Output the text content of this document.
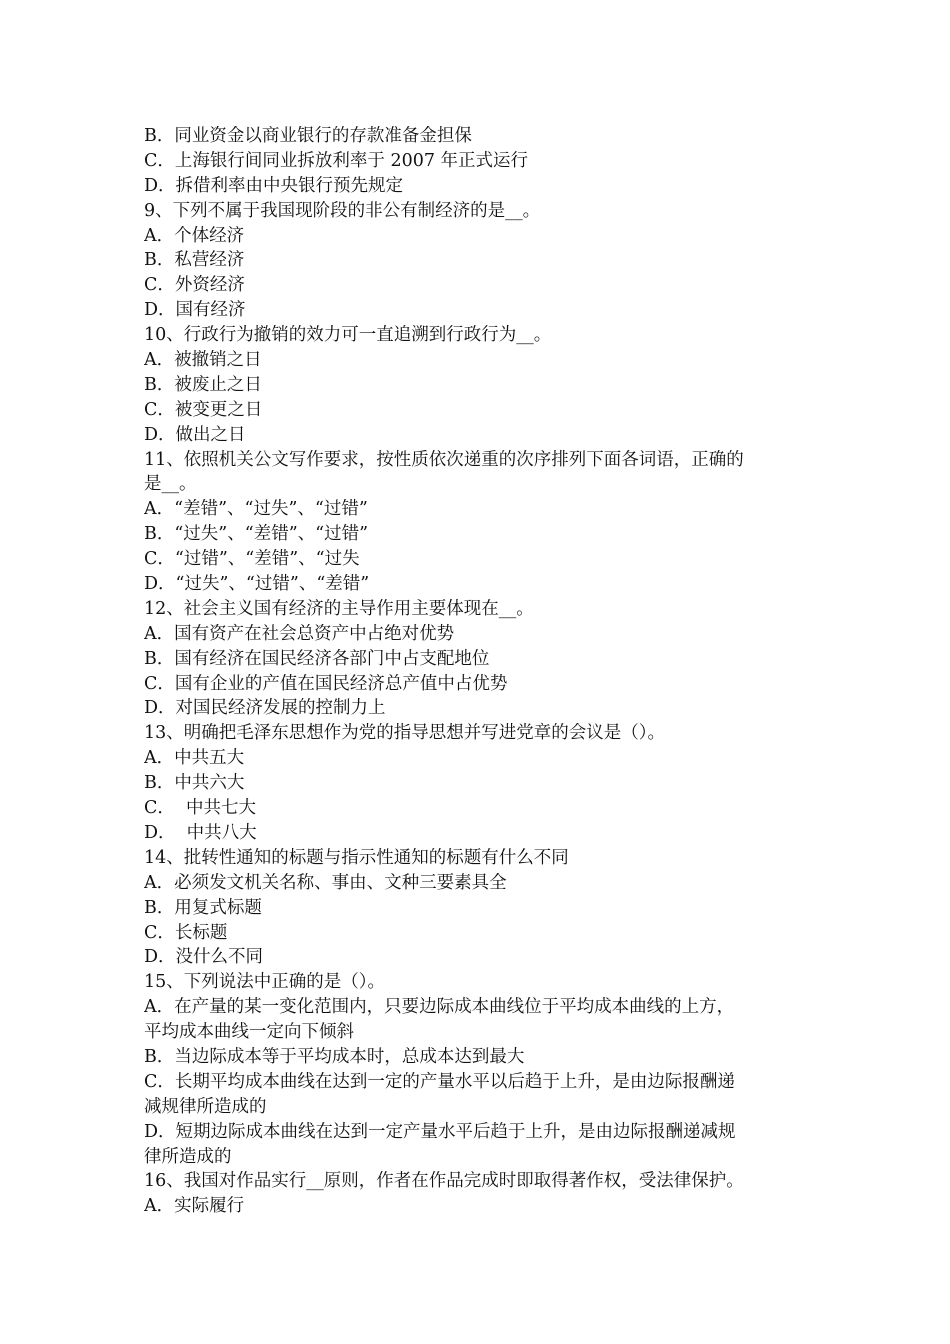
B．同业资金以商业银行的存款准备金担保
C．上海银行间同业拆放利率于 2007 年正式运行
D．拆借利率由中央银行预先规定
9、下列不属于我国现阶段的非公有制经济的是__。
A．个体经济
B．私营经济
C．外资经济
D．国有经济
10、行政行为撤销的效力可一直追溯到行政行为__。
A．被撤销之日
B．被废止之日
C．被变更之日
D．做出之日
11、依照机关公文写作要求，按性质依次递重的次序排列下面各词语，正确的
是__。
A．“差错”、“过失”、“过错”
B．“过失”、“差错”、“过错”
C．“过错”、“差错”、“过失
D．“过失”、“过错”、“差错”
12、社会主义国有经济的主导作用主要体现在__。
A．国有资产在社会总资产中占绝对优势
B．国有经济在国民经济各部门中占支配地位
C．国有企业的产值在国民经济总产值中占优势
D．对国民经济发展的控制力上
13、明确把毛泽东思想作为党的指导思想并写进党章的会议是（）。
A．中共五大
B．中共六大
C．  中共七大
D．  中共八大
14、批转性通知的标题与指示性通知的标题有什么不同
A．必须发文机关名称、事由、文种三要素具全
B．用复式标题
C．长标题
D．没什么不同
15、下列说法中正确的是（）。
A．在产量的某一变化范围内，只要边际成本曲线位于平均成本曲线的上方，
平均成本曲线一定向下倾斜
B．当边际成本等于平均成本时，总成本达到最大
C．长期平均成本曲线在达到一定的产量水平以后趋于上升，是由边际报酬递
减规律所造成的
D．短期边际成本曲线在达到一定产量水平后趋于上升，是由边际报酬递减规
律所造成的
16、我国对作品实行__原则，作者在作品完成时即取得著作权，受法律保护。
A．实际履行
